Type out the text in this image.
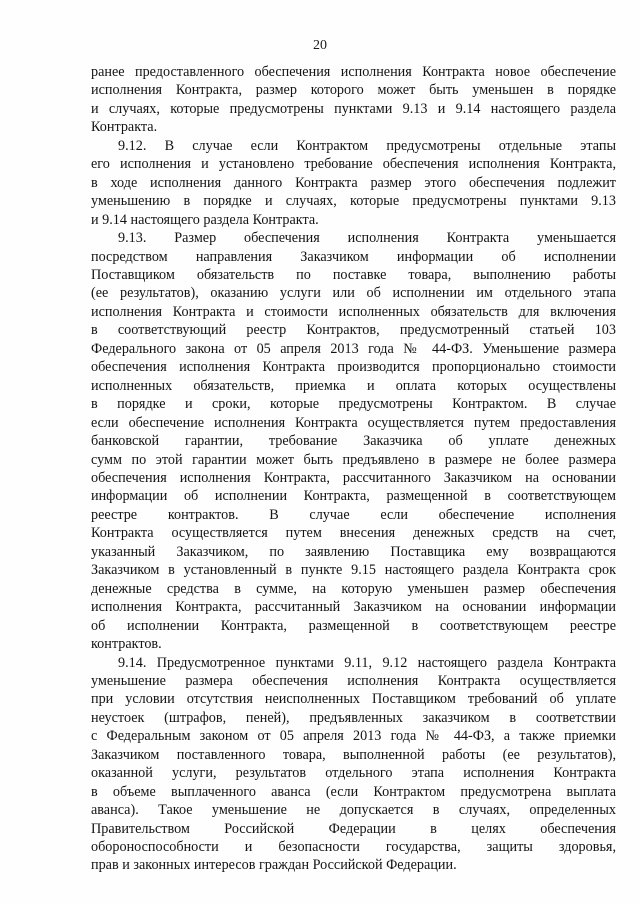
20
ранее предоставленного обеспечения исполнения Контракта новое обеспечение
исполнения Контракта, размер которого может быть уменьшен в порядке
и случаях, которые предусмотрены пунктами 9.13 и 9.14 настоящего раздела
Контракта.
9.12. В случае если Контрактом предусмотрены отдельные этапы
его исполнения и установлено требование обеспечения исполнения Контракта,
в ходе исполнения данного Контракта размер этого обеспечения подлежит
уменьшению в порядке и случаях, которые предусмотрены пунктами 9.13
и 9.14 настоящего раздела Контракта.
9.13. Размер обеспечения исполнения Контракта уменьшается
посредством направления Заказчиком информации об исполнении
Поставщиком обязательств по поставке товара, выполнению работы
(ее результатов), оказанию услуги или об исполнении им отдельного этапа
исполнения Контракта и стоимости исполненных обязательств для включения
в соответствующий реестр Контрактов, предусмотренный статьей 103
Федерального закона от 05 апреля 2013 года № 44-ФЗ. Уменьшение размера
обеспечения исполнения Контракта производится пропорционально стоимости
исполненных обязательств, приемка и оплата которых осуществлены
в порядке и сроки, которые предусмотрены Контрактом. В случае
если обеспечение исполнения Контракта осуществляется путем предоставления
банковской гарантии, требование Заказчика об уплате денежных
сумм по этой гарантии может быть предъявлено в размере не более размера
обеспечения исполнения Контракта, рассчитанного Заказчиком на основании
информации об исполнении Контракта, размещенной в соответствующем
реестре контрактов. В случае если обеспечение исполнения
Контракта осуществляется путем внесения денежных средств на счет,
указанный Заказчиком, по заявлению Поставщика ему возвращаются
Заказчиком в установленный в пункте 9.15 настоящего раздела Контракта срок
денежные средства в сумме, на которую уменьшен размер обеспечения
исполнения Контракта, рассчитанный Заказчиком на основании информации
об исполнении Контракта, размещенной в соответствующем реестре
контрактов.
9.14. Предусмотренное пунктами 9.11, 9.12 настоящего раздела Контракта
уменьшение размера обеспечения исполнения Контракта осуществляется
при условии отсутствия неисполненных Поставщиком требований об уплате
неустоек (штрафов, пеней), предъявленных заказчиком в соответствии
с Федеральным законом от 05 апреля 2013 года № 44-ФЗ, а также приемки
Заказчиком поставленного товара, выполненной работы (ее результатов),
оказанной услуги, результатов отдельного этапа исполнения Контракта
в объеме выплаченного аванса (если Контрактом предусмотрена выплата
аванса). Такое уменьшение не допускается в случаях, определенных
Правительством Российской Федерации в целях обеспечения
обороноспособности и безопасности государства, защиты здоровья,
прав и законных интересов граждан Российской Федерации.
